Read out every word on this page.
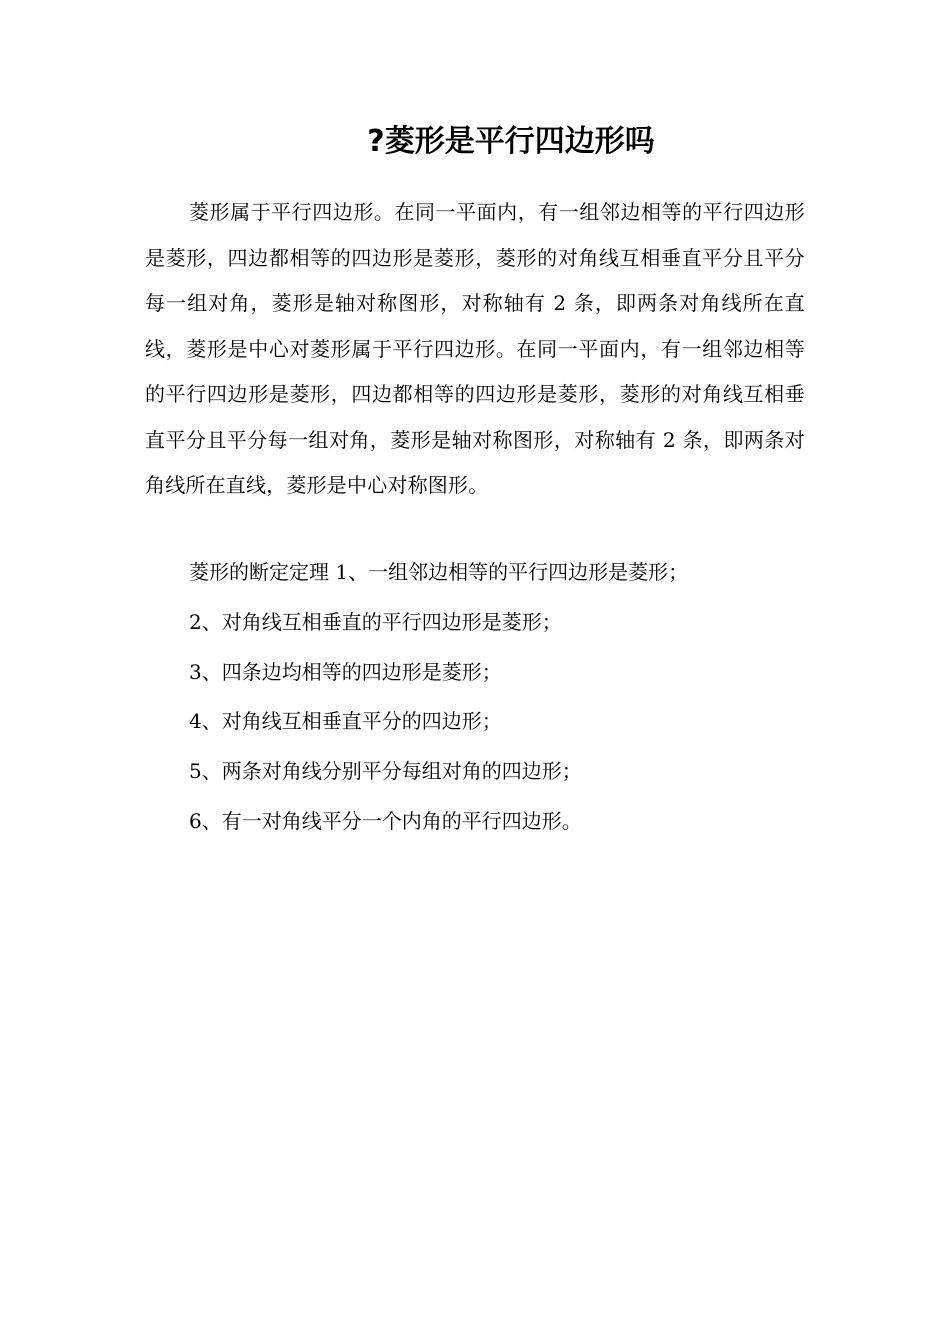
?菱形是平行四边形吗

菱形属于平行四边形。在同一平面内，有一组邻边相等的平行四边形是菱形，四边都相等的四边形是菱形，菱形的对角线互相垂直平分且平分每一组对角，菱形是轴对称图形，对称轴有 2 条，即两条对角线所在直线，菱形是中心对菱形属于平行四边形。在同一平面内，有一组邻边相等的平行四边形是菱形，四边都相等的四边形是菱形，菱形的对角线互相垂直平分且平分每一组对角，菱形是轴对称图形，对称轴有 2 条，即两条对角线所在直线，菱形是中心对称图形。

菱形的断定定理 1、一组邻边相等的平行四边形是菱形；

2、对角线互相垂直的平行四边形是菱形；

3、四条边均相等的四边形是菱形；

4、对角线互相垂直平分的四边形；

5、两条对角线分别平分每组对角的四边形；

6、有一对角线平分一个内角的平行四边形。
